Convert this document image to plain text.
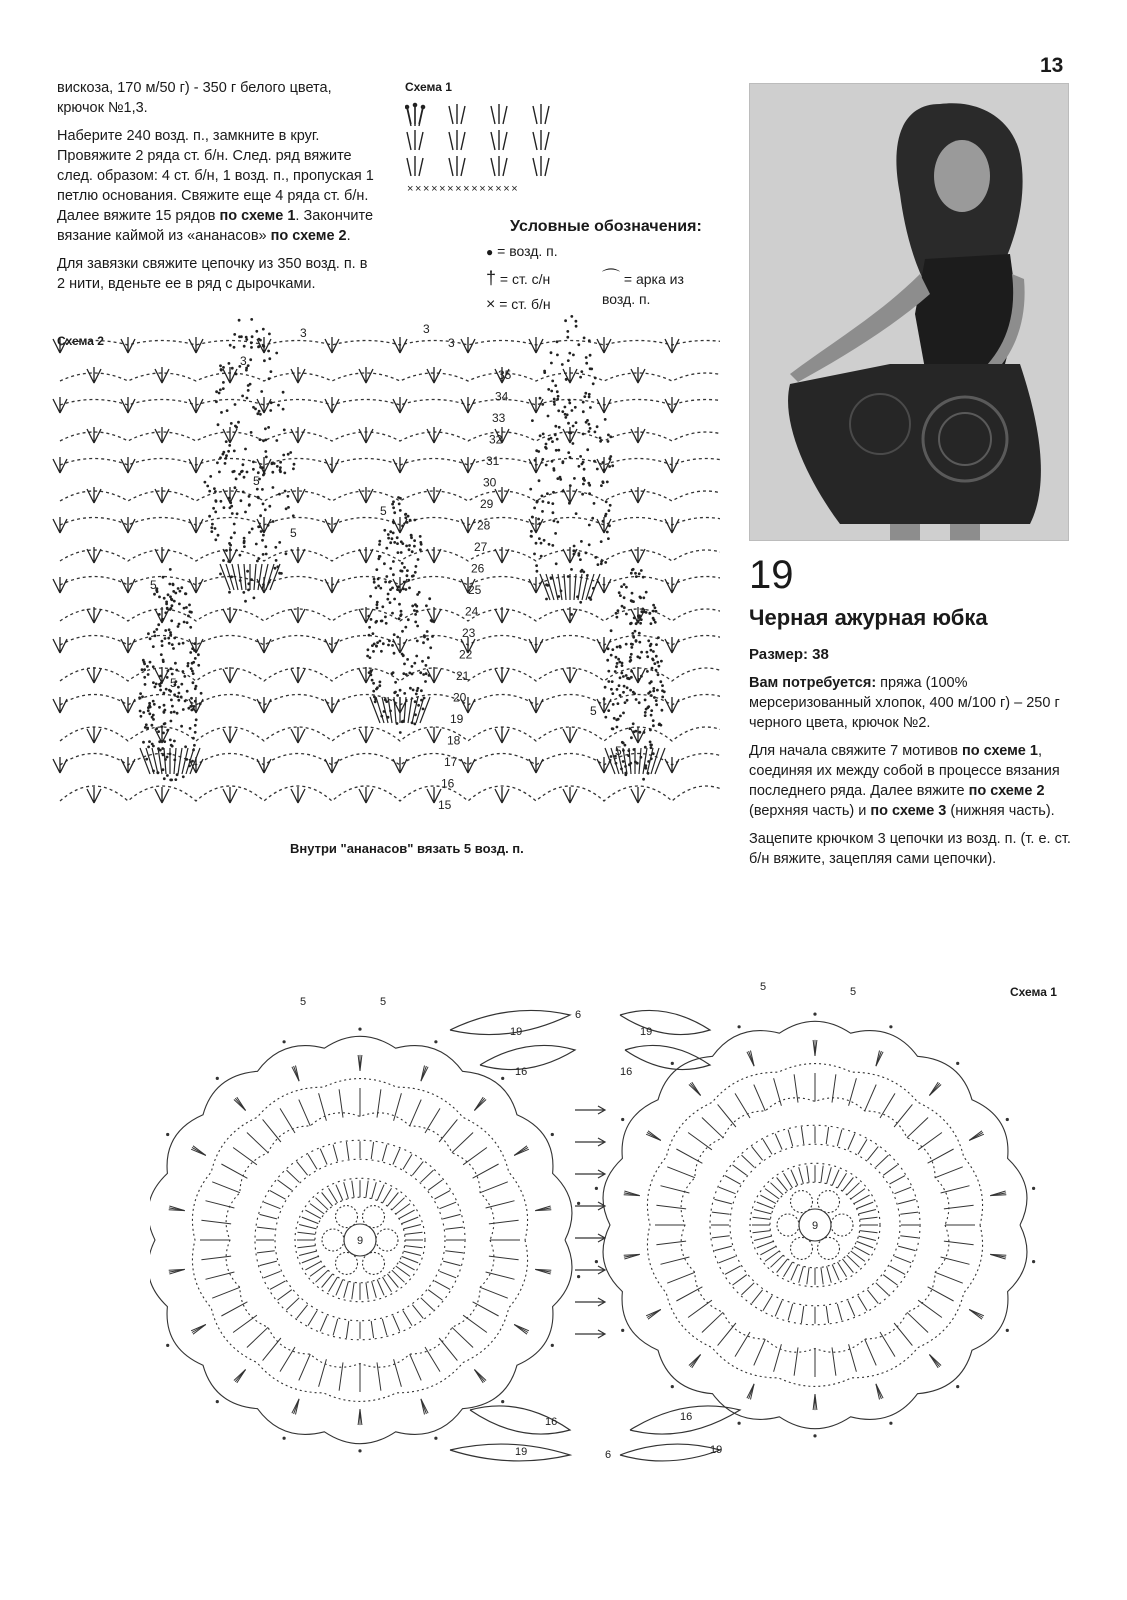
13

вискоза, 170 м/50 г) - 350 г белого цвета, крючок №1,3.

Наберите 240 возд. п., замкните в круг. Провяжите 2 ряда ст. б/н. След. ряд вяжите след. образом: 4 ст. б/н, 1 возд. п., пропуская 1 петлю основания. Свяжите еще 4 ряда ст. б/н. Далее вяжите 15 рядов по схеме 1. Закончите вязание каймой из «ананасов» по схеме 2.

Для завязки свяжите цепочку из 350 возд. п. в 2 нити, вденьте ее в ряд с дырочками.

Схема 1
××××××××××××××
Условные обозначения:
● = возд. п.
† = ст. с/н
× = ст. б/н
⌒ = арка из возд. п.
19
Черная ажурная юбка

Размер: 38

Вам потребуется: пряжа (100% мерсеризованный хлопок, 400 м/100 г) – 250 г черного цвета, крючок №2.

Для начала свяжите 7 мотивов по схеме 1, соединяя их между собой в процессе вязания последнего ряда. Далее вяжите по схеме 2 (верхняя часть) и по схеме 3 (нижняя часть).

Зацепите крючком 3 цепочки из возд. п. (т. е. ст. б/н вяжите, зацепляя сами цепочки).

Схема 2
35
34
33
32
31
30
29
28
27
26
25
24
23
22
21
20
19
18
17
16
15
3	3
3
3
5
5
5
5
5
5
5
Внутри "ананасов" вязать 5 возд. п.
Схема 1
9
9
19	19
16	16
6
6
5	5
5	5
16	16
19	19
